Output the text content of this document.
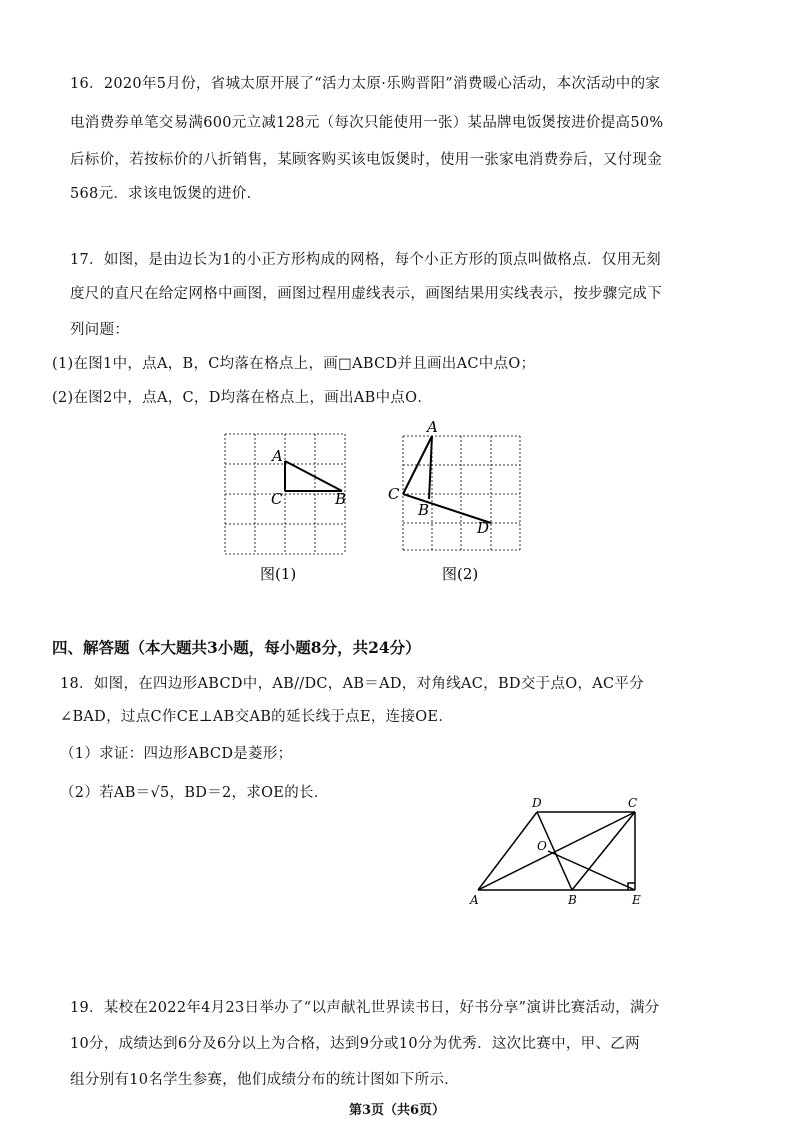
16．2020年5月份，省城太原开展了“活力太原·乐购晋阳”消费暖心活动，本次活动中的家
电消费券单笔交易满600元立减128元（每次只能使用一张）某品牌电饭煲按进价提高50%
后标价，若按标价的八折销售，某顾客购买该电饭煲时，使用一张家电消费券后，又付现金
568元．求该电饭煲的进价．
17．如图，是由边长为1的小正方形构成的网格，每个小正方形的顶点叫做格点．仅用无刻
度尺的直尺在给定网格中画图，画图过程用虚线表示，画图结果用实线表示，按步骤完成下
列问题：
(1)在图1中，点A，B，C均落在格点上，画□ABCD并且画出AC中点O；
(2)在图2中，点A，C，D均落在格点上，画出AB中点O．
A
C	B
图(1)
A
C
B
D
图(2)
四、解答题（本大题共3小题，每小题8分，共24分）
18．如图，在四边形ABCD中，AB//DC，AB＝AD，对角线AC，BD交于点O，AC平分
∠BAD，过点C作CE⊥AB交AB的延长线于点E，连接OE．
（1）求证：四边形ABCD是菱形；
（2）若AB＝√5，BD＝2，求OE的长．
D	C
O
A	B	E
19．某校在2022年4月23日举办了“以声献礼世界读书日，好书分享”演讲比赛活动，满分
10分，成绩达到6分及6分以上为合格，达到9分或10分为优秀．这次比赛中，甲、乙两
组分别有10名学生参赛，他们成绩分布的统计图如下所示．
第3页（共6页）
